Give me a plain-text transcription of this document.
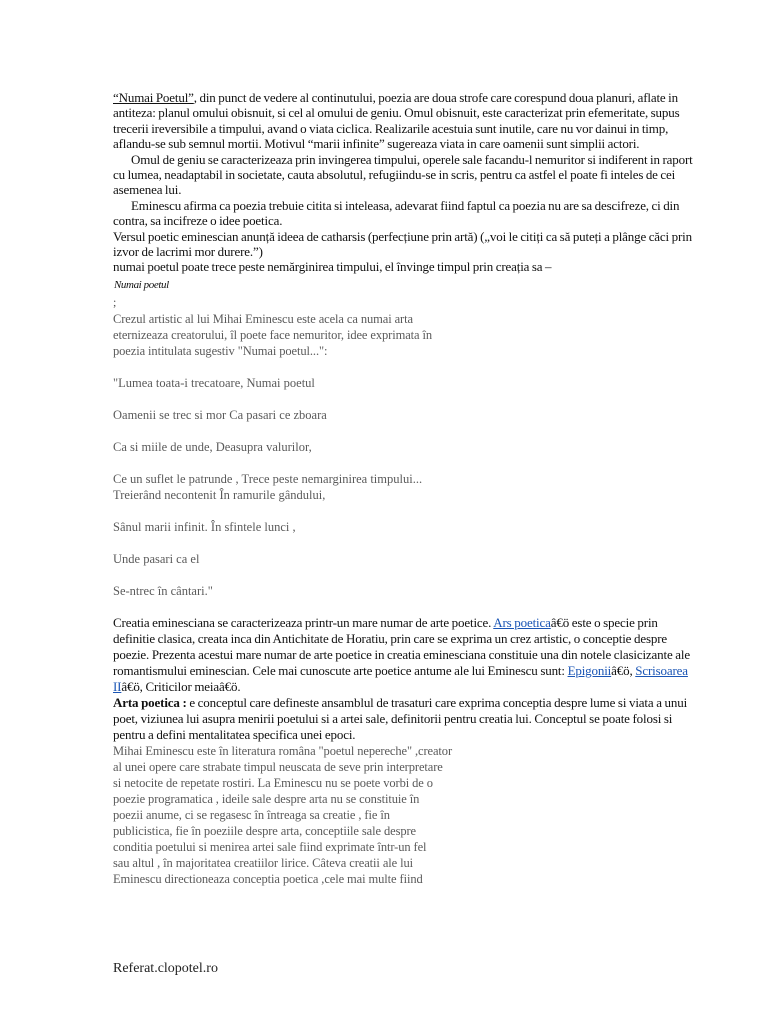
“Numai Poetul”, din punct de vedere al continutului, poezia are doua strofe care corespund doua planuri, aflate in antiteza: planul omului obisnuit, si cel al omului de geniu. Omul obisnuit, este caracterizat prin efemeritate, supus trecerii ireversibile a timpului, avand o viata ciclica. Realizarile acestuia sunt inutile, care nu vor dainui in timp, aflandu-se sub semnul mortii. Motivul “marii infinite” sugereaza viata in care oamenii sunt simplii actori.

Omul de geniu se caracterizeaza prin invingerea timpului, operele sale facandu-l nemuritor si indiferent in raport cu lumea, neadaptabil in societate, cauta absolutul, refugiindu-se in scris, pentru ca astfel el poate fi inteles de cei asemenea lui.

Eminescu afirma ca poezia trebuie citita si inteleasa, adevarat fiind faptul ca poezia nu are sa descifreze, ci din contra, sa incifreze o idee poetica.

Versul poetic eminescian anunță ideea de catharsis (perfecțiune prin artă) („voi le citiți ca să puteți a plânge căci prin izvor de lacrimi mor durere.”)

numai poetul poate trece peste nemărginirea timpului, el învinge timpul prin creația sa –

Numai poetul

;

Crezul artistic al lui Mihai Eminescu este acela ca numai arta

eternizeaza creatorului, îl poete face nemuritor, idee exprimata în

poezia intitulata sugestiv "Numai poetul...":

"Lumea toata-i trecatoare, Numai poetul

Oamenii se trec si mor Ca pasari ce zboara

Ca si miile de unde, Deasupra valurilor,

Ce un suflet le patrunde , Trece peste nemarginirea timpului...

Treierând necontenit În ramurile gândului,

Sânul marii infinit. În sfintele lunci ,

Unde pasari ca el

Se-ntrec în cântari."

Creatia eminesciana se caracterizeaza printr-un mare numar de arte poetice. Ars poeticaâ€ö este o specie prin definitie clasica, creata inca din Antichitate de Horatiu, prin care se exprima un crez artistic, o conceptie despre poezie. Prezenta acestui mare numar de arte poetice in creatia eminesciana constituie una din notele clasicizante ale romantismului eminescian. Cele mai cunoscute arte poetice antume ale lui Eminescu sunt: Epigoniiâ€ö, Scrisoarea IIâ€ö, Criticilor meiaâ€ö.

Arta poetica : e conceptul care defineste ansamblul de trasaturi care exprima conceptia despre lume si viata a unui poet, viziunea lui asupra menirii poetului si a artei sale, definitorii pentru creatia lui. Conceptul se poate folosi si pentru a defini mentalitatea specifica unei epoci.

Mihai Eminescu este în literatura româna "poetul nepereche" ,creator

al unei opere care strabate timpul neuscata de seve prin interpretare

si netocite de repetate rostiri. La Eminescu nu se poete vorbi de o

poezie programatica , ideile sale despre arta nu se constituie în

poezii anume, ci se regasesc în întreaga sa creatie , fie în

publicistica, fie în poeziile despre arta, conceptiile sale despre

conditia poetului si menirea artei sale fiind exprimate într-un fel

sau altul , în majoritatea creatiilor lirice. Câteva creatii ale lui

Eminescu directioneaza conceptia poetica ,cele mai multe fiind

Referat.clopotel.ro
